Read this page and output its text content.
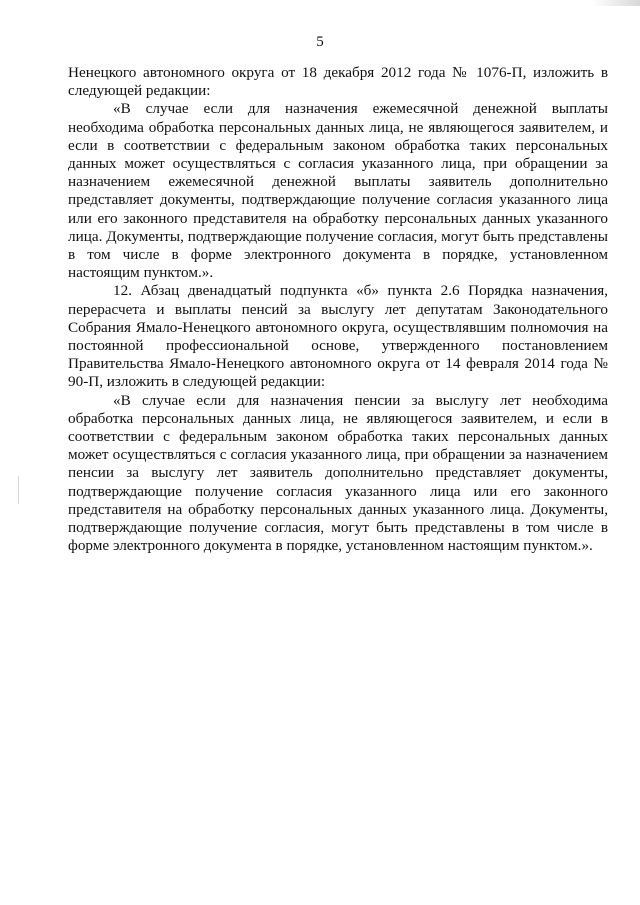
5

Ненецкого автономного округа от 18 декабря 2012 года № 1076-П, изложить в следующей редакции:

«В случае если для назначения ежемесячной денежной выплаты необходима обработка персональных данных лица, не являющегося заявителем, и если в соответствии с федеральным законом обработка таких персональных данных может осуществляться с согласия указанного лица, при обращении за назначением ежемесячной денежной выплаты заявитель дополнительно представляет документы, подтверждающие получение согласия указанного лица или его законного представителя на обработку персональных данных указанного лица. Документы, подтверждающие получение согласия, могут быть представлены в том числе в форме электронного документа в порядке, установленном настоящим пунктом.».

12. Абзац двенадцатый подпункта «б» пункта 2.6 Порядка назначения, перерасчета и выплаты пенсий за выслугу лет депутатам Законодательного Собрания Ямало-Ненецкого автономного округа, осуществлявшим полномочия на постоянной профессиональной основе, утвержденного постановлением Правительства Ямало-Ненецкого автономного округа от 14 февраля 2014 года № 90-П, изложить в следующей редакции:

«В случае если для назначения пенсии за выслугу лет необходима обработка персональных данных лица, не являющегося заявителем, и если в соответствии с федеральным законом обработка таких персональных данных может осуществляться с согласия указанного лица, при обращении за назначением пенсии за выслугу лет заявитель дополнительно представляет документы, подтверждающие получение согласия указанного лица или его законного представителя на обработку персональных данных указанного лица. Документы, подтверждающие получение согласия, могут быть представлены в том числе в форме электронного документа в порядке, установленном настоящим пунктом.».
